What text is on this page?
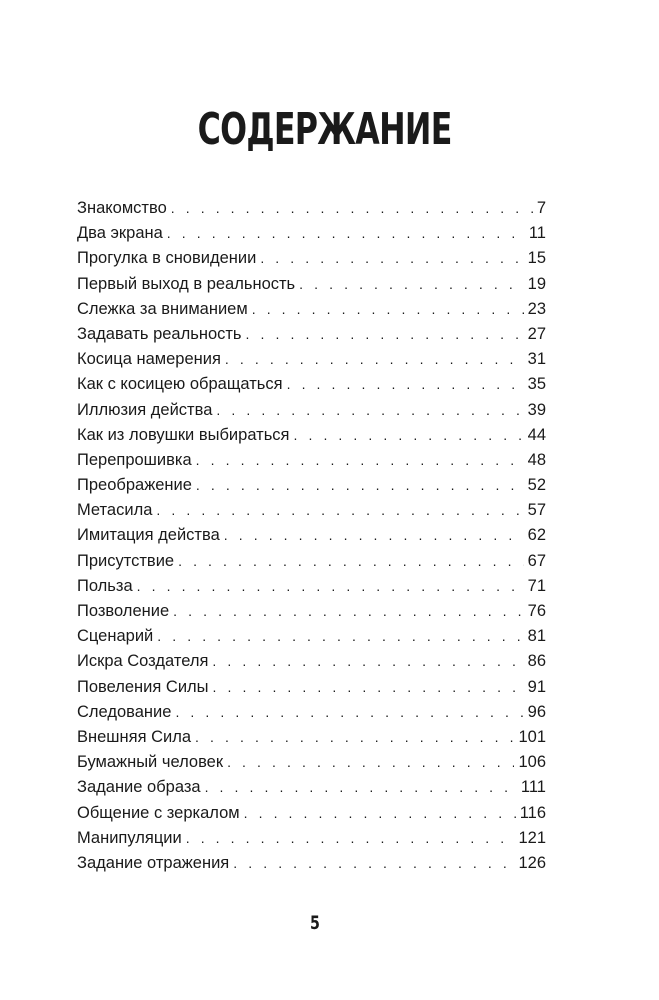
СОДЕРЖАНИЕ
Знакомство . . .	7
Два экрана . . .	11
Прогулка в сновидении . . .	15
Первый выход в реальность . . .	19
Слежка за вниманием . . .	23
Задавать реальность . . .	27
Косица намерения . . .	31
Как с косицею обращаться . . .	35
Иллюзия действа . . .	39
Как из ловушки выбираться . . .	44
Перепрошивка . . .	48
Преображение . . .	52
Метасила . . .	57
Имитация действа . . .	62
Присутствие . . .	67
Польза . . .	71
Позволение . . .	76
Сценарий . . .	81
Искра Создателя . . .	86
Повеления Силы . . .	91
Следование . . .	96
Внешняя Сила . . .	101
Бумажный человек . . .	106
Задание образа . . .	111
Общение с зеркалом . . .	116
Манипуляции . . .	121
Задание отражения . . .	126
5
